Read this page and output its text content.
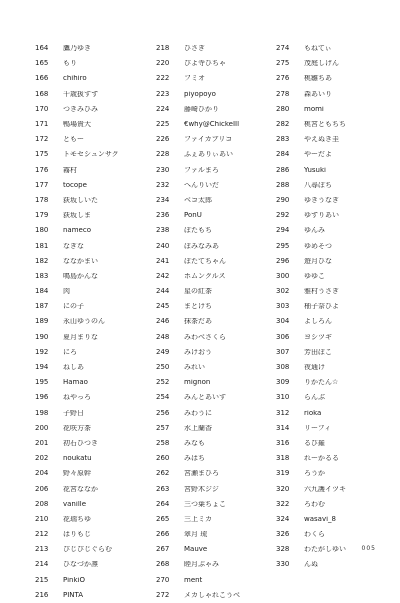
164	鷹乃ゆき
165	もり
166	chihiro
168	千歳扱すず
170	つきみひみ
171	鴨場貴大
172	ともー
175	トモセシュンサク
176	霧村
177	tocope
178	荻坂しいた
179	荻坂しま
180	nameco
181	なぎな
182	ななかまい
183	鳴島かんな
184	肉
187	にの子
189	永山ゆうのん
190	夏月まりな
192	にろ
194	ねしあ
195	Hamao
196	ねやっろ
198	子野日
200	花咲方茶
201	初石ひつき
202	noukatu
204	野々原幹
206	花宮ななか
208	vanille
210	花瑞ちゆ
212	はりもじ
213	ぴじぴじぐらむ
214	ひなづか凛
215	PinkiÖ
216	PINTA
218	ひさぎ
220	ぴよ寺ひちゃ
222	フミオ
223	piyopoyo
224	藤崎ひかり
225	€why@ChickeIIl
226	ファイカブリコ
228	ふぇありぃあい
230	ファルまろ
232	へんりいだ
234	ベコ太郎
236	PonU
238	ぽたもち
240	ぽみなみあ
241	ぽたてちゃん
242	ホムンクルス
244	星の紅茶
245	まとけち
246	抹茶だあ
248	みわべさくら
249	みけおう
250	みれい
252	mignon
254	みんとあいす
256	みわうに
257	水上蘭香
258	みなも
260	みはち
262	宮瀬まひろ
263	宮野木ジジ
264	三つ葉ちょこ
265	三上ミカ
266	翠月 琉
267	Mauve
268	睦月ぷゃみ
270	ment
272	メカしゃれこうべ
274	もねてぃ
275	茂庭しげん
276	桃雛ちあ
278	森あいり
280	momi
282	桃宮ともちち
283	やえぬき圭
284	やーだよ
286	Yusuki
288	八尋ぽち
290	ゆきうなぎ
292	ゆずりあい
294	ゆんみ
295	ゆめそつ
296	遊月ひな
300	ゆゆこ
302	雅村うさぎ
303	柚子奈ひよ
304	よしろん
306	ヨシツギ
307	芳田ぽこ
308	夜通け
309	りかたん☆
310	らんぶ
312	rioka
314	リーフィ
316	るび羅
318	れーかるる
319	ろうか
320	六九護イツキ
322	ろわむ
324	wasavi_8
326	わくら
328	わたがしゆい
330	んぬ
005
